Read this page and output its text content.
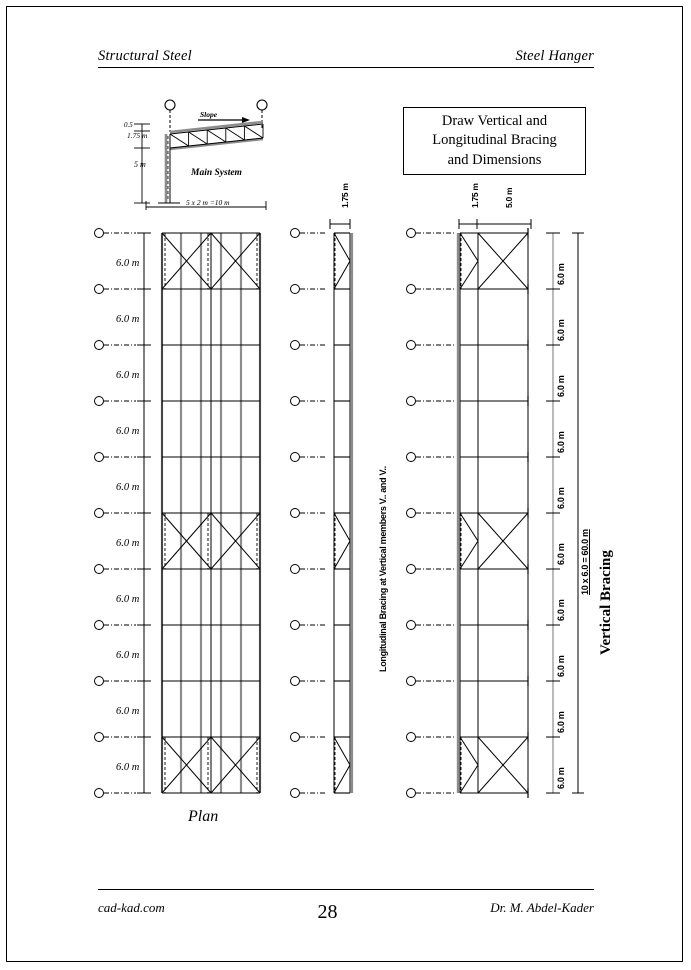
Structural Steel	Steel Hanger
Draw Vertical and
Longitudinal Bracing
and Dimensions
0.5
1.75 m
5 m
5 x 2 m =10 m
Main System
Slope
6.0 m
6.0 m
6.0 m
6.0 m
6.0 m
6.0 m
6.0 m
6.0 m
6.0 m
6.0 m
Plan
1.75 m
Longitudinal Bracing at Vertical members V.. and V..
1.75 m	5.0 m
6.0 m
6.0 m
6.0 m
6.0 m
6.0 m
6.0 m
6.0 m
6.0 m
6.0 m
6.0 m
10 x 6.0 = 60.0 m Vertical Bracing
cad-kad.com	28	Dr. M. Abdel-Kader
